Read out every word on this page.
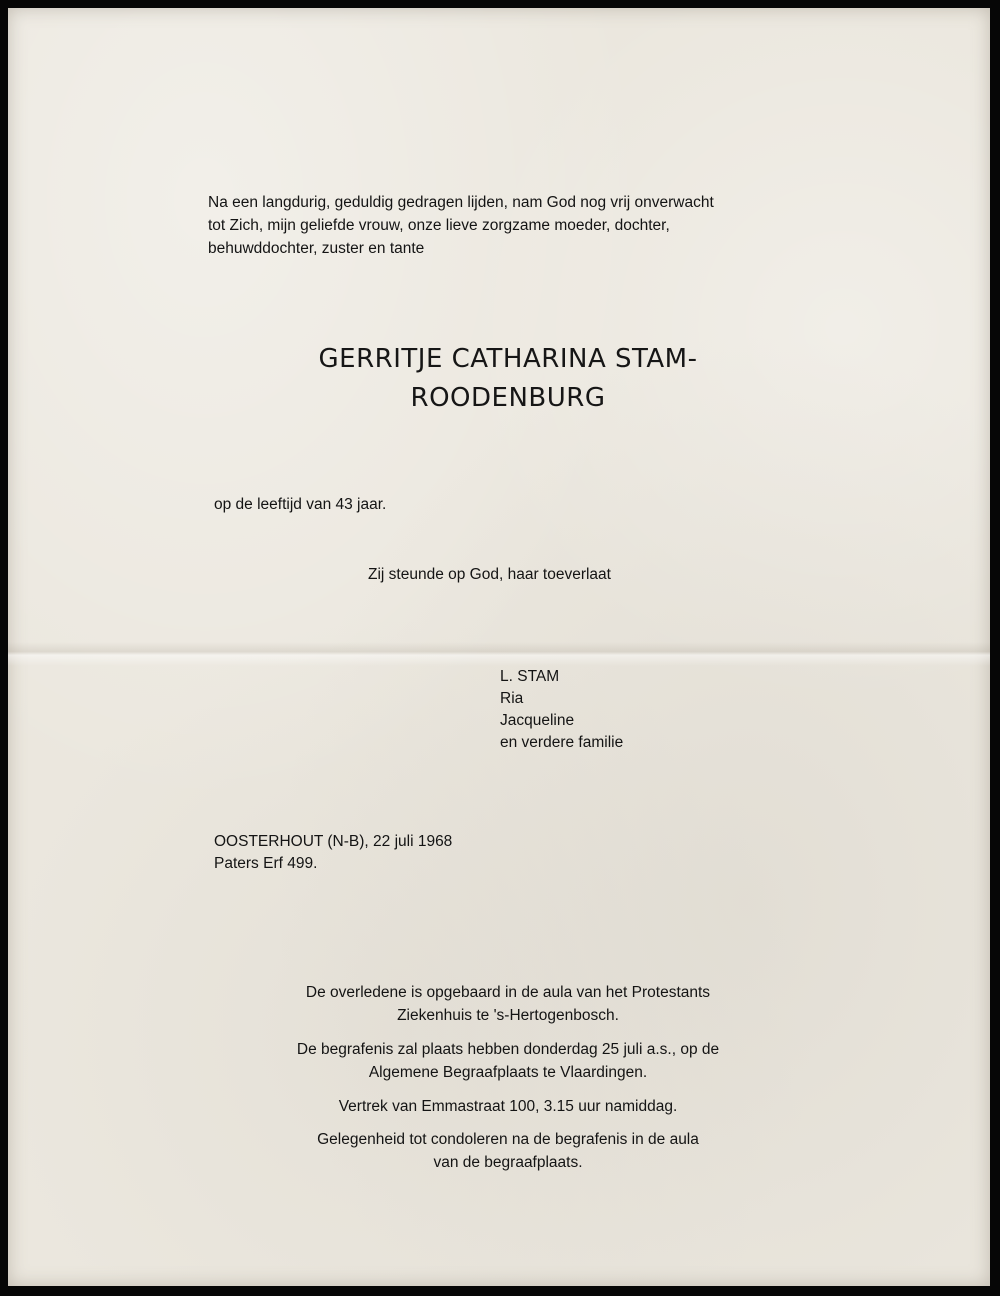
Na een langdurig, geduldig gedragen lijden, nam God nog vrij onverwacht
tot Zich, mijn geliefde vrouw, onze lieve zorgzame moeder, dochter,
behuwddochter, zuster en tante
GERRITJE CATHARINA STAM-
ROODENBURG
op de leeftijd van 43 jaar.
Zij steunde op God, haar toeverlaat
L. STAM
Ria
Jacqueline
en verdere familie
OOSTERHOUT (N-B), 22 juli 1968
Paters Erf 499.
De overledene is opgebaard in de aula van het Protestants
Ziekenhuis te 's-Hertogenbosch.
De begrafenis zal plaats hebben donderdag 25 juli a.s., op de
Algemene Begraafplaats te Vlaardingen.
Vertrek van Emmastraat 100, 3.15 uur namiddag.
Gelegenheid tot condoleren na de begrafenis in de aula
van de begraafplaats.
